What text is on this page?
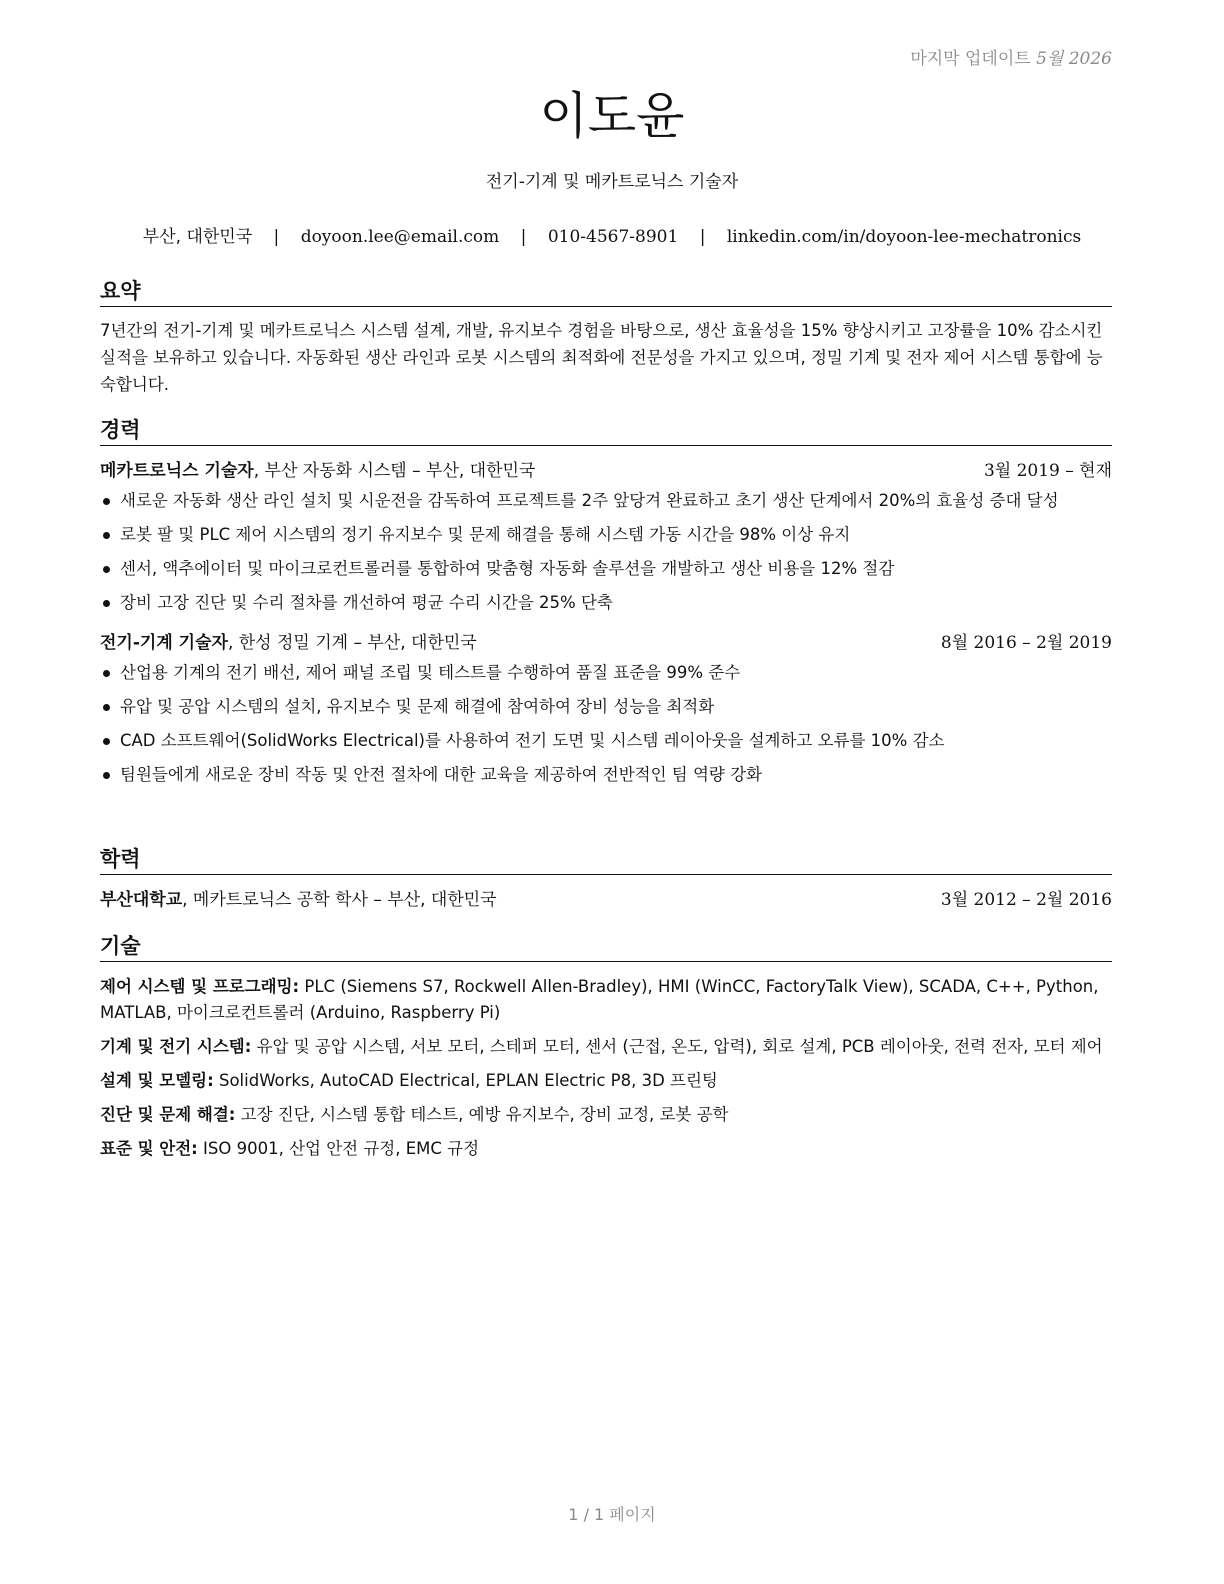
마지막 업데이트 5월 2026
이도윤
전기-기계 및 메카트로닉스 기술자
부산, 대한민국 | doyoon.lee@email.com | 010-4567-8901 | linkedin.com/in/doyoon-lee-mechatronics
요약
7년간의 전기-기계 및 메카트로닉스 시스템 설계, 개발, 유지보수 경험을 바탕으로, 생산 효율성을 15% 향상시키고 고장률을 10% 감소시킨 실적을 보유하고 있습니다. 자동화된 생산 라인과 로봇 시스템의 최적화에 전문성을 가지고 있으며, 정밀 기계 및 전자 제어 시스템 통합에 능숙합니다.
경력
메카트로닉스 기술자, 부산 자동화 시스템 – 부산, 대한민국	3월 2019 – 현재
새로운 자동화 생산 라인 설치 및 시운전을 감독하여 프로젝트를 2주 앞당겨 완료하고 초기 생산 단계에서 20%의 효율성 증대 달성
로봇 팔 및 PLC 제어 시스템의 정기 유지보수 및 문제 해결을 통해 시스템 가동 시간을 98% 이상 유지
센서, 액추에이터 및 마이크로컨트롤러를 통합하여 맞춤형 자동화 솔루션을 개발하고 생산 비용을 12% 절감
장비 고장 진단 및 수리 절차를 개선하여 평균 수리 시간을 25% 단축
전기-기계 기술자, 한성 정밀 기계 – 부산, 대한민국	8월 2016 – 2월 2019
산업용 기계의 전기 배선, 제어 패널 조립 및 테스트를 수행하여 품질 표준을 99% 준수
유압 및 공압 시스템의 설치, 유지보수 및 문제 해결에 참여하여 장비 성능을 최적화
CAD 소프트웨어(SolidWorks Electrical)를 사용하여 전기 도면 및 시스템 레이아웃을 설계하고 오류를 10% 감소
팀원들에게 새로운 장비 작동 및 안전 절차에 대한 교육을 제공하여 전반적인 팀 역량 강화
학력
부산대학교, 메카트로닉스 공학 학사 – 부산, 대한민국	3월 2012 – 2월 2016
기술
제어 시스템 및 프로그래밍: PLC (Siemens S7, Rockwell Allen-Bradley), HMI (WinCC, FactoryTalk View), SCADA, C++, Python, MATLAB, 마이크로컨트롤러 (Arduino, Raspberry Pi)
기계 및 전기 시스템: 유압 및 공압 시스템, 서보 모터, 스테퍼 모터, 센서 (근접, 온도, 압력), 회로 설계, PCB 레이아웃, 전력 전자, 모터 제어
설계 및 모델링: SolidWorks, AutoCAD Electrical, EPLAN Electric P8, 3D 프린팅
진단 및 문제 해결: 고장 진단, 시스템 통합 테스트, 예방 유지보수, 장비 교정, 로봇 공학
표준 및 안전: ISO 9001, 산업 안전 규정, EMC 규정
1 / 1 페이지
